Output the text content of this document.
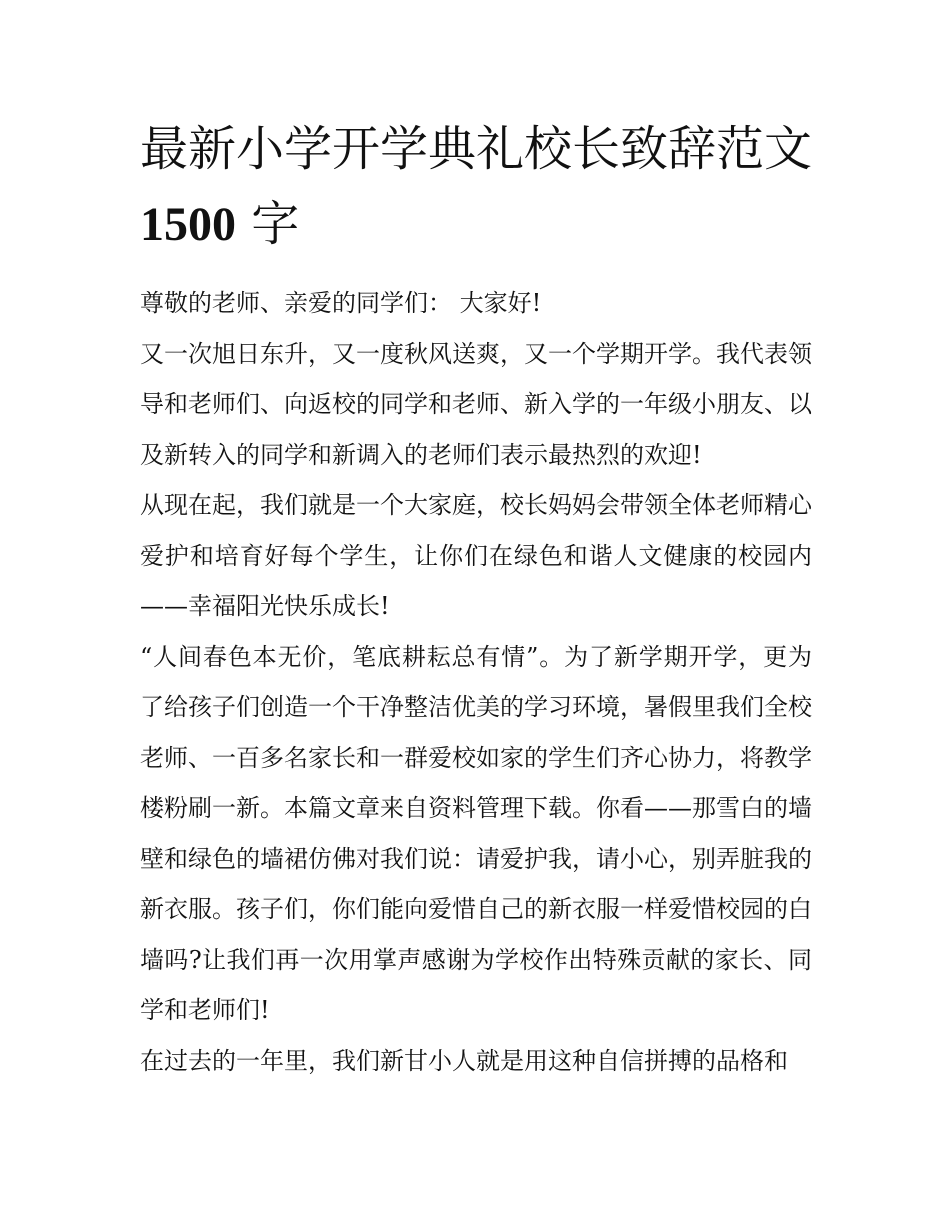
最新小学开学典礼校长致辞范文1500 字

尊敬的老师、亲爱的同学们： 大家好!

又一次旭日东升，又一度秋风送爽，又一个学期开学。我代表领导和老师们、向返校的同学和老师、新入学的一年级小朋友、以及新转入的同学和新调入的老师们表示最热烈的欢迎!

从现在起，我们就是一个大家庭，校长妈妈会带领全体老师精心爱护和培育好每个学生，让你们在绿色和谐人文健康的校园内——幸福阳光快乐成长!

“人间春色本无价，笔底耕耘总有情”。为了新学期开学，更为了给孩子们创造一个干净整洁优美的学习环境，暑假里我们全校老师、一百多名家长和一群爱校如家的学生们齐心协力，将教学楼粉刷一新。本篇文章来自资料管理下载。你看——那雪白的墙壁和绿色的墙裙仿佛对我们说：请爱护我，请小心，别弄脏我的新衣服。孩子们，你们能向爱惜自己的新衣服一样爱惜校园的白墙吗?让我们再一次用掌声感谢为学校作出特殊贡献的家长、同学和老师们!

在过去的一年里，我们新甘小人就是用这种自信拼搏的品格和
